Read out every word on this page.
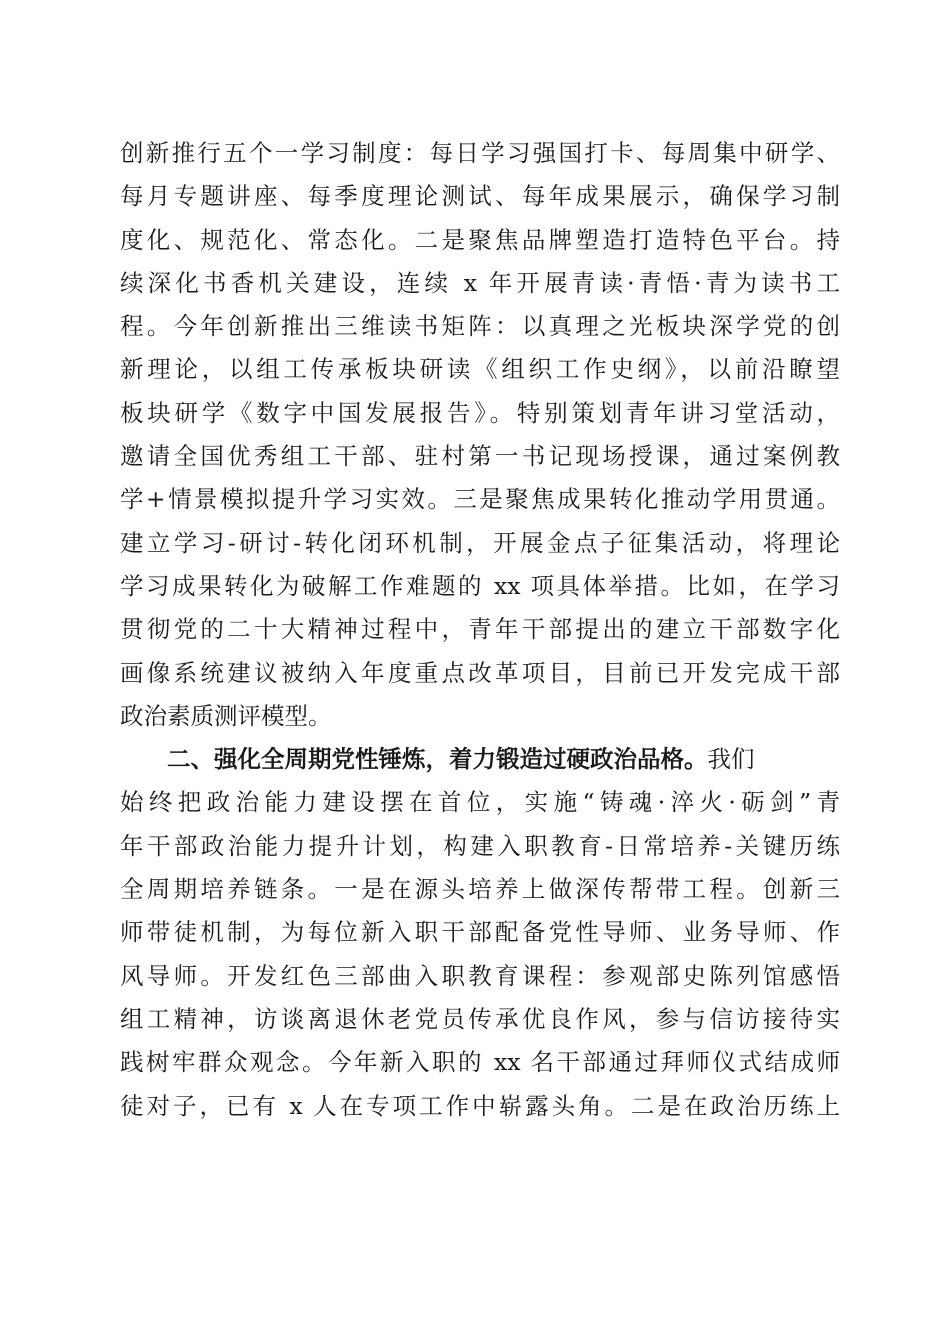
创新推行五个一学习制度：每日学习强国打卡、每周集中研学、
每月专题讲座、每季度理论测试、每年成果展示，确保学习制
度化、规范化、常态化。二是聚焦品牌塑造打造特色平台。持
续深化书香机关建设，连续 x 年开展青读·青悟·青为读书工
程。今年创新推出三维读书矩阵：以真理之光板块深学党的创
新理论，以组工传承板块研读《组织工作史纲》，以前沿瞭望
板块研学《数字中国发展报告》。特别策划青年讲习堂活动，
邀请全国优秀组工干部、驻村第一书记现场授课，通过案例教
学+情景模拟提升学习实效。三是聚焦成果转化推动学用贯通。
建立学习-研讨-转化闭环机制，开展金点子征集活动，将理论
学习成果转化为破解工作难题的 xx 项具体举措。比如，在学习
贯彻党的二十大精神过程中，青年干部提出的建立干部数字化
画像系统建议被纳入年度重点改革项目，目前已开发完成干部
政治素质测评模型。
二、强化全周期党性锤炼，着力锻造过硬政治品格。我们
始终把政治能力建设摆在首位，实施“铸魂·淬火·砺剑”青
年干部政治能力提升计划，构建入职教育-日常培养-关键历练
全周期培养链条。一是在源头培养上做深传帮带工程。创新三
师带徒机制，为每位新入职干部配备党性导师、业务导师、作
风导师。开发红色三部曲入职教育课程：参观部史陈列馆感悟
组工精神，访谈离退休老党员传承优良作风，参与信访接待实
践树牢群众观念。今年新入职的 xx 名干部通过拜师仪式结成师
徒对子，已有 x 人在专项工作中崭露头角。二是在政治历练上
